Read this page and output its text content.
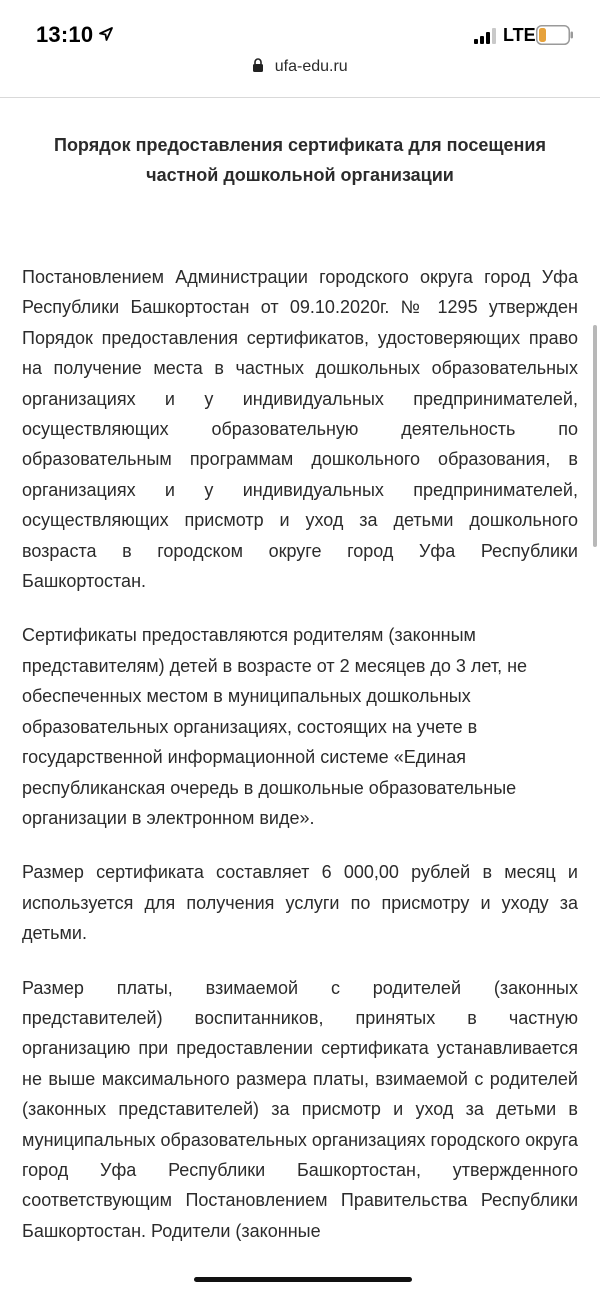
13:10	LTE
ufa-edu.ru
Порядок предоставления сертификата для посещения частной дошкольной организации

Постановлением Администрации городского округа город Уфа Республики Башкортостан от 09.10.2020г. № 1295 утвержден Порядок предоставления сертификатов, удостоверяющих право на получение места в частных дошкольных образовательных организациях и у индивидуальных предпринимателей, осуществляющих образовательную деятельность по образовательным программам дошкольного образования, в организациях и у индивидуальных предпринимателей, осуществляющих присмотр и уход за детьми дошкольного возраста в городском округе город Уфа Республики Башкортостан.

Сертификаты предоставляются родителям (законным представителям) детей в возрасте от 2 месяцев до 3 лет, не обеспеченных местом в муниципальных дошкольных образовательных организациях, состоящих на учете в государственной информационной системе «Единая республиканская очередь в дошкольные образовательные организации в электронном виде».

Размер сертификата составляет 6 000,00 рублей в месяц и используется для получения услуги по присмотру и уходу за детьми.

Размер платы, взимаемой с родителей (законных представителей) воспитанников, принятых в частную организацию при предоставлении сертификата устанавливается не выше максимального размера платы, взимаемой с родителей (законных представителей) за присмотр и уход за детьми в муниципальных образовательных организациях городского округа город Уфа Республики Башкортостан, утвержденного соответствующим Постановлением Правительства Республики Башкортостан. Родители (законные
